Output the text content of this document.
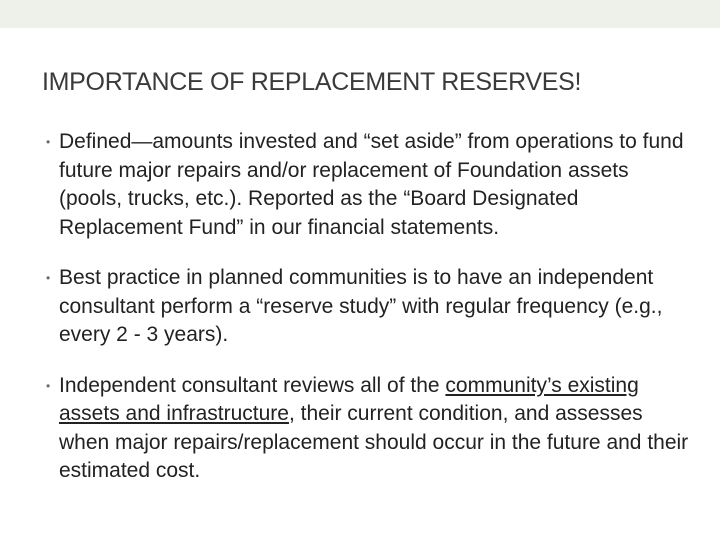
IMPORTANCE OF REPLACEMENT RESERVES!
• Defined—amounts invested and “set aside” from operations to fund future major repairs and/or replacement of Foundation assets (pools, trucks, etc.). Reported as the “Board Designated Replacement Fund” in our financial statements.
• Best practice in planned communities is to have an independent consultant perform a “reserve study” with regular frequency (e.g., every 2 - 3 years).
• Independent consultant reviews all of the community’s existing assets and infrastructure, their current condition, and assesses when major repairs/replacement should occur in the future and their estimated cost.
